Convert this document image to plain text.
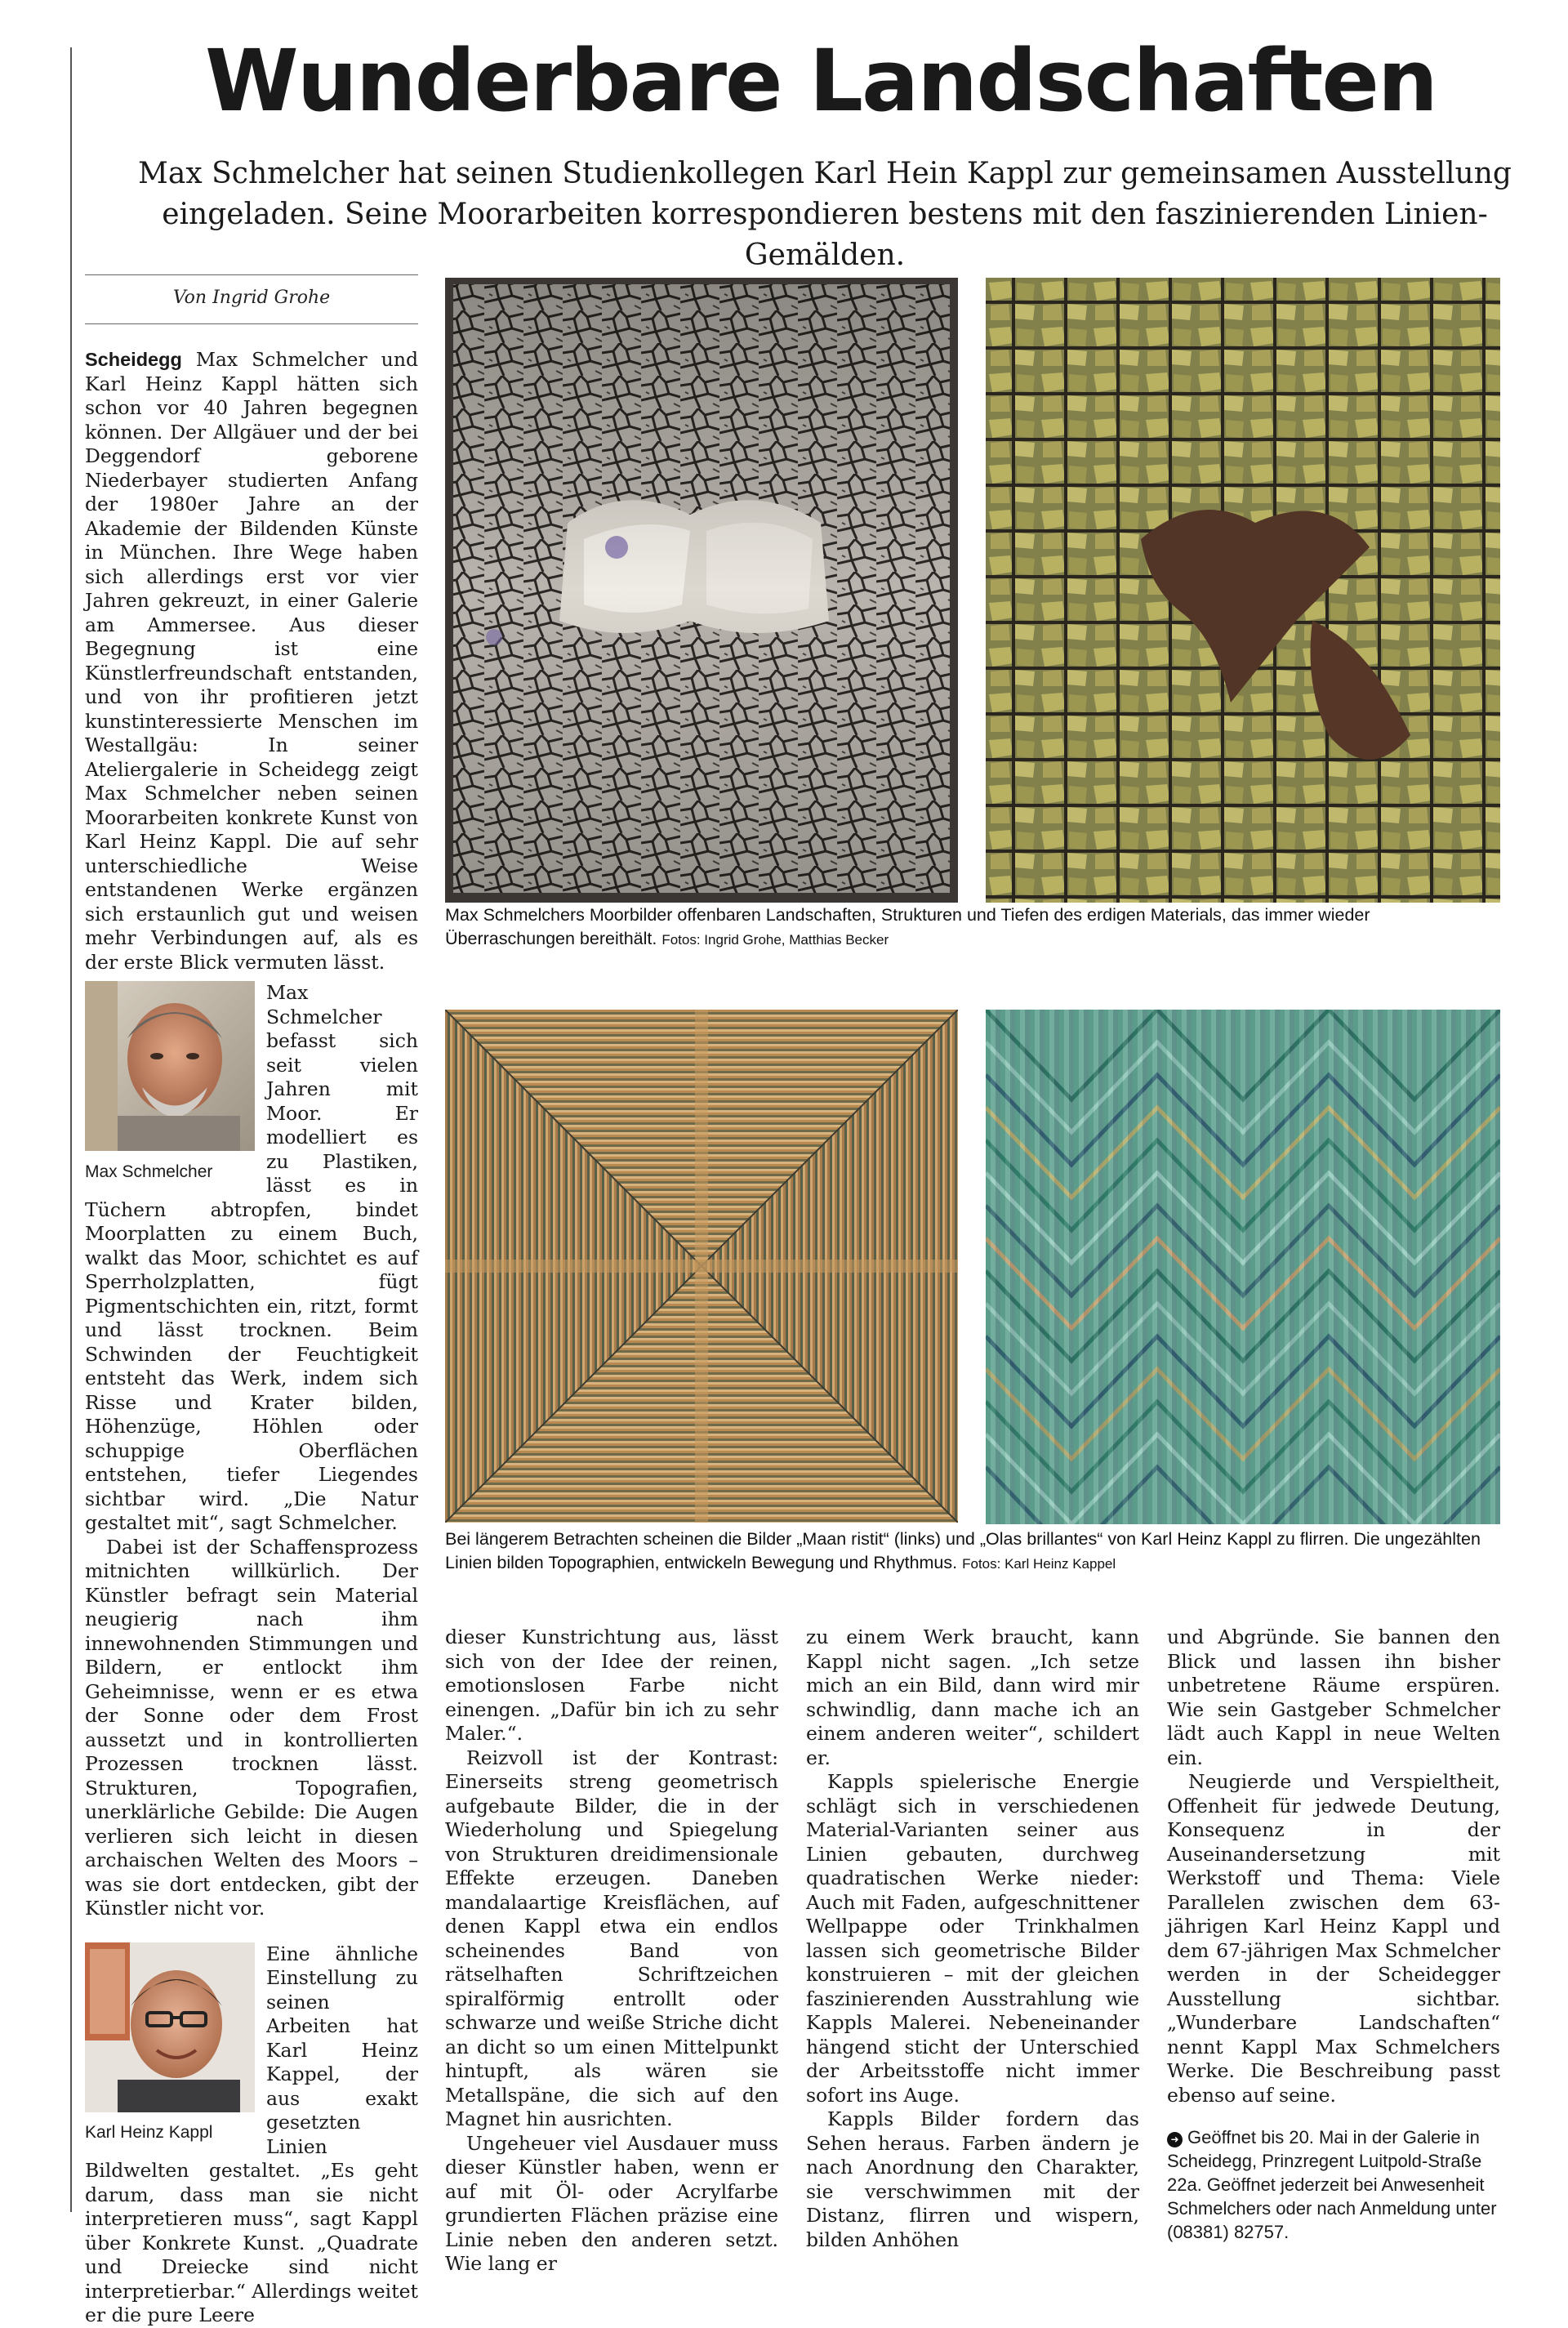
Wunderbare Landschaften

Max Schmelcher hat seinen Studienkollegen Karl Hein Kappl zur gemeinsamen Ausstellung eingeladen. Seine Moorarbeiten korrespondieren bestens mit den faszinierenden Linien-Gemälden.

Von Ingrid Grohe

Scheidegg Max Schmelcher und Karl Heinz Kappl hätten sich schon vor 40 Jahren begegnen können. Der Allgäuer und der bei Deggendorf geborene Niederbayer studierten Anfang der 1980er Jahre an der Akademie der Bildenden Künste in München. Ihre Wege haben sich allerdings erst vor vier Jahren gekreuzt, in einer Galerie am Ammersee. Aus dieser Begegnung ist eine Künstlerfreundschaft entstanden, und von ihr profitieren jetzt kunstinteressierte Menschen im Westallgäu: In seiner Ateliergalerie in Scheidegg zeigt Max Schmelcher neben seinen Moorarbeiten konkrete Kunst von Karl Heinz Kappl. Die auf sehr unterschiedliche Weise entstandenen Werke ergänzen sich erstaunlich gut und weisen mehr Verbindungen auf, als es der erste Blick vermuten lässt.

Max Schmelcher

Max Schmelcher befasst sich seit vielen Jahren mit Moor. Er modelliert es zu Plastiken, lässt es in Tüchern abtropfen, bindet Moorplatten zu einem Buch, walkt das Moor, schichtet es auf Sperrholzplatten, fügt Pigmentschichten ein, ritzt, formt und lässt trocknen. Beim Schwinden der Feuchtigkeit entsteht das Werk, indem sich Risse und Krater bilden, Höhenzüge, Höhlen oder schuppige Oberflächen entstehen, tiefer Liegendes sichtbar wird. „Die Natur gestaltet mit“, sagt Schmelcher.

Dabei ist der Schaffensprozess mitnichten willkürlich. Der Künstler befragt sein Material neugierig nach ihm innewohnenden Stimmungen und Bildern, er entlockt ihm Geheimnisse, wenn er es etwa der Sonne oder dem Frost aussetzt und in kontrollierten Prozessen trocknen lässt. Strukturen, Topografien, unerklärliche Gebilde: Die Augen verlieren sich leicht in diesen archaischen Welten des Moors – was sie dort entdecken, gibt der Künstler nicht vor.

Karl Heinz Kappl

Eine ähnliche Einstellung zu seinen Arbeiten hat Karl Heinz Kappel, der aus exakt gesetzten Linien Bildwelten gestaltet. „Es geht darum, dass man sie nicht interpretieren muss“, sagt Kappl über Konkrete Kunst. „Quadrate und Dreiecke sind nicht interpretierbar.“ Allerdings weitet er die pure Leere

Max Schmelchers Moorbilder offenbaren Landschaften, Strukturen und Tiefen des erdigen Materials, das immer wieder Überraschungen bereithält. Fotos: Ingrid Grohe, Matthias Becker
Bei längerem Betrachten scheinen die Bilder „Maan ristit“ (links) und „Olas brillantes“ von Karl Heinz Kappl zu flirren. Die ungezählten Linien bilden Topographien, entwickeln Bewegung und Rhythmus. Fotos: Karl Heinz Kappel

dieser Kunstrichtung aus, lässt sich von der Idee der reinen, emotionslosen Farbe nicht einengen. „Dafür bin ich zu sehr Maler.“.

Reizvoll ist der Kontrast: Einerseits streng geometrisch aufgebaute Bilder, die in der Wiederholung und Spiegelung von Strukturen dreidimensionale Effekte erzeugen. Daneben mandalaartige Kreisflächen, auf denen Kappl etwa ein endlos scheinendes Band von rätselhaften Schriftzeichen spiralförmig entrollt oder schwarze und weiße Striche dicht an dicht so um einen Mittelpunkt hintupft, als wären sie Metallspäne, die sich auf den Magnet hin ausrichten.

Ungeheuer viel Ausdauer muss dieser Künstler haben, wenn er auf mit Öl- oder Acrylfarbe grundierten Flächen präzise eine Linie neben den anderen setzt. Wie lang er

zu einem Werk braucht, kann Kappl nicht sagen. „Ich setze mich an ein Bild, dann wird mir schwindlig, dann mache ich an einem anderen weiter“, schildert er.

Kappls spielerische Energie schlägt sich in verschiedenen Material-Varianten seiner aus Linien gebauten, durchweg quadratischen Werke nieder: Auch mit Faden, aufgeschnittener Wellpappe oder Trinkhalmen lassen sich geometrische Bilder konstruieren – mit der gleichen faszinierenden Ausstrahlung wie Kappls Malerei. Nebeneinander hängend sticht der Unterschied der Arbeitsstoffe nicht immer sofort ins Auge.

Kappls Bilder fordern das Sehen heraus. Farben ändern je nach Anordnung den Charakter, sie verschwimmen mit der Distanz, flirren und wispern, bilden Anhöhen

und Abgründe. Sie bannen den Blick und lassen ihn bisher unbetretene Räume erspüren. Wie sein Gastgeber Schmelcher lädt auch Kappl in neue Welten ein.

Neugierde und Verspieltheit, Offenheit für jedwede Deutung, Konsequenz in der Auseinandersetzung mit Werkstoff und Thema: Viele Parallelen zwischen dem 63-jährigen Karl Heinz Kappl und dem 67-jährigen Max Schmelcher werden in der Scheidegger Ausstellung sichtbar. „Wunderbare Landschaften“ nennt Kappl Max Schmelchers Werke. Die Beschreibung passt ebenso auf seine.

➜ Geöffnet bis 20. Mai in der Galerie in Scheidegg, Prinzregent Luitpold-Straße 22a. Geöffnet jederzeit bei Anwesenheit Schmelchers oder nach Anmeldung unter (08381) 82757.
